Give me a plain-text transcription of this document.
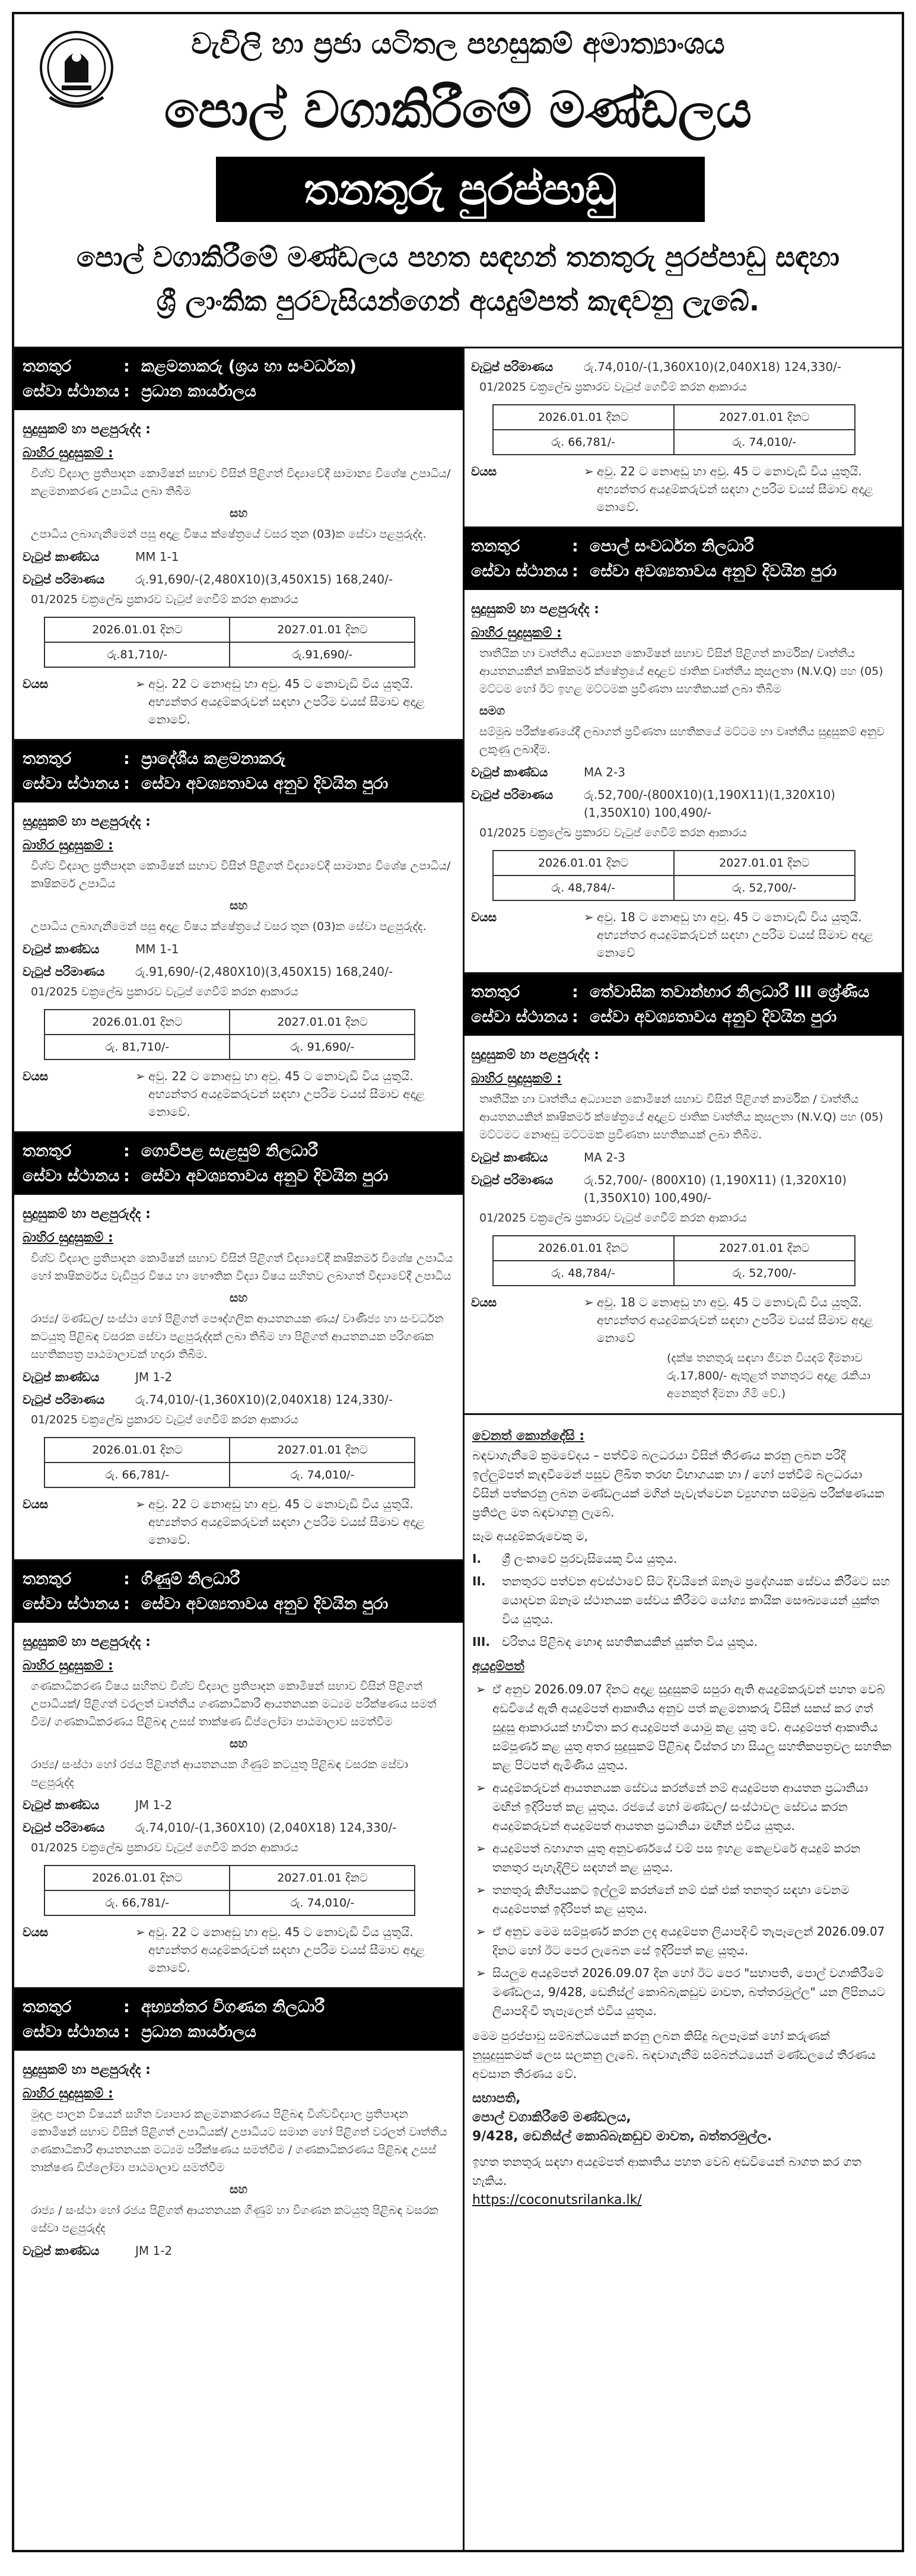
වැවිලි හා ප්‍රජා යටිතල පහසුකම් අමාත්‍යාංශය
පොල් වගාකිරීමේ මණ්ඩලය
තනතුරු පුරප්පාඩු
පොල් වගාකිරීමේ මණ්ඩලය පහත සඳහන් තනතුරු පුරප්පාඩු සඳහා
ශ්‍රී ලාංකික පුරවැසියන්ගෙන් අයදුම්පත් කැඳවනු ලැබේ.
තනතුර	: කළමනාකරු (ශ්‍රය හා සංවර්ධන)
සේවා ස්ථානය : ප්‍රධාන කාර්යාලය
සුදුසුකම් හා පළපුරුද්ද :
බාහිර සුදුසුකම් :
විශ්ව විද්‍යාල ප්‍රතිපාදන කොමිෂන් සභාව විසින් පිළිගත් විද්‍යාවේදී සාමාන්‍ය විශේෂ උපාධිය/ කළමනාකරණ උපාධිය ලබා තිබීම
සහ
උපාධිය ලබාගැනීමෙන් පසු අදාළ විෂය ක්ෂේත්‍රයේ වසර තුන (03)ක සේවා පළපුරුද්ද.
වැටුප් කාණ්ඩය	MM 1-1
වැටුප් පරිමාණය	රු.91,690/-(2,480X10)(3,450X15) 168,240/-
01/2025 චක්‍රලේඛ ප්‍රකාරව වැටුප් ගෙවීම් කරන ආකාරය
2026.01.01 දිනට	2027.01.01 දිනට
රු.81,710/-	රු.91,690/-
වයස	➢ අවු. 22 ට නොඅඩු හා අවු. 45 ට නොවැඩි විය යුතුයි. අභ්‍යන්තර අයදුම්කරුවන් සඳහා උපරිම වයස් සීමාව අදාළ නොවේ.
තනතුර	: ප්‍රාදේශීය කළමනාකරු
සේවා ස්ථානය : සේවා අවශ්‍යතාවය අනුව දිවයින පුරා
සුදුසුකම් හා පළපුරුද්ද :
බාහිර සුදුසුකම් :
විශ්ව විද්‍යාල ප්‍රතිපාදන කොමිෂන් සභාව විසින් පිළිගත් විද්‍යාවේදී සාමාන්‍ය විශේෂ උපාධිය/ කෘෂිකර්ම උපාධිය
සහ
උපාධිය ලබාගැනීමෙන් පසු අදාළ විෂය ක්ෂේත්‍රයේ වසර තුන (03)ක සේවා පළපුරුද්ද.
වැටුප් කාණ්ඩය	MM 1-1
වැටුප් පරිමාණය	රු.91,690/-(2,480X10)(3,450X15) 168,240/-
01/2025 චක්‍රලේඛ ප්‍රකාරව වැටුප් ගෙවීම් කරන ආකාරය
2026.01.01 දිනට	2027.01.01 දිනට
රු. 81,710/-	රු. 91,690/-
වයස	➢ අවු. 22 ට නොඅඩු හා අවු. 45 ට නොවැඩි විය යුතුයි. අභ්‍යන්තර අයදුම්කරුවන් සඳහා උපරිම වයස් සීමාව අදාළ නොවේ.
තනතුර	: ගොවිපළ සැළසුම් නිලධාරී
සේවා ස්ථානය : සේවා අවශ්‍යතාවය අනුව දිවයින පුරා
සුදුසුකම් හා පළපුරුද්ද :
බාහිර සුදුසුකම් :
විශ්ව විද්‍යාල ප්‍රතිපාදන කොමිෂන් සභාව විසින් පිළිගත් විද්‍යාවේදී කෘෂිකර්ම විශේෂ උපාධිය හෝ කෘෂිකර්මය වැඩිපුර විෂය හා භෞතික විද්‍යා විෂය සහිතව ලබාගත් විද්‍යාවේදී උපාධිය
සහ
රාජ්‍ය/ මණ්ඩල/ සංස්ථා හෝ පිළිගත් පෞද්ගලික ආයතනයක ණය/ වාණිජ්‍ය හා සංවර්ධන කටයුතු පිළිබඳ වසරක සේවා පළපුරුද්දක් ලබා තිබීම හා පිළිගත් ආයතනයක පරිගණක සහතිකපත්‍ර පාඨමාලාවක් හදාරා තිබීම.
වැටුප් කාණ්ඩය	JM 1-2
වැටුප් පරිමාණය	රු.74,010/-(1,360X10)(2,040X18) 124,330/-
01/2025 චක්‍රලේඛ ප්‍රකාරව වැටුප් ගෙවීම් කරන ආකාරය
2026.01.01 දිනට	2027.01.01 දිනට
රු. 66,781/-	රු. 74,010/-
වයස	➢ අවු. 22 ට නොඅඩු හා අවු. 45 ට නොවැඩි විය යුතුයි. අභ්‍යන්තර අයදුම්කරුවන් සඳහා උපරිම වයස් සීමාව අදාළ නොවේ.
තනතුර	: ගිණුම් නිලධාරී
සේවා ස්ථානය : සේවා අවශ්‍යතාවය අනුව දිවයින පුරා
සුදුසුකම් හා පළපුරුද්ද :
බාහිර සුදුසුකම් :
ගණකාධිකරණ විෂය සහිතව විශ්ව විද්‍යාල ප්‍රතිපාදන කොමිෂන් සභාව විසින් පිළිගත් උපාධියක්/ පිළිගත් වරලත් වෘත්තීය ගණකාධිකාරී ආයතනයක මධ්‍යම පරීක්ෂණය සමත් වීම/ ගණකාධිකරණය පිළිබඳ උසස් තාක්ෂණ ඩිප්ලෝමා පාඨමාලාව සමත්වීම
සහ
රාජ්‍ය/ සංස්ථා හෝ රජය පිළිගත් ආයතනයක ගිණුම් කටයුතු පිළිබඳ වසරක සේවා පළපුරුද්ද
වැටුප් කාණ්ඩය	JM 1-2
වැටුප් පරිමාණය	රු.74,010/-(1,360X10) (2,040X18) 124,330/-
01/2025 චක්‍රලේඛ ප්‍රකාරව වැටුප් ගෙවීම් කරන ආකාරය
2026.01.01 දිනට	2027.01.01 දිනට
රු. 66,781/-	රු. 74,010/-
වයස	➢ අවු. 22 ට නොඅඩු හා අවු. 45 ට නොවැඩි විය යුතුයි. අභ්‍යන්තර අයදුම්කරුවන් සඳහා උපරිම වයස් සීමාව අදාළ නොවේ.
තනතුර	: අභ්‍යන්තර විගණන නිලධාරී
සේවා ස්ථානය : ප්‍රධාන කාර්යාලය
සුදුසුකම් හා පළපුරුද්ද :
බාහිර සුදුසුකම් :
මුදල පාලන විෂයන් සහිත ව්‍යාපාර කළමනාකරණය පිළිබඳ විශ්වවිද්‍යාල ප්‍රතිපාදන කොමිෂන් සභාව විසින් පිළිගත් උපාධියක්/ උපාධියට සමාන හෝ පිළිගත් වරලත් වෘත්තීය ගණකාධිකාරී ආයතනයක මධ්‍යම පරීක්ෂණය සමත්වීම / ගණකාධිකරණය පිළිබඳ උසස් තාක්ෂණ ඩිප්ලෝමා පාඨමාලාව සමත්වීම
සහ
රාජ්‍ය / සංස්ථා හෝ රජය පිළිගත් ආයතනයක ගිණුම් හා විගණන කටයුතු පිළිබඳ වසරක සේවා පළපුරුද්ද
වැටුප් කාණ්ඩය	JM 1-2
වැටුප් පරිමාණය	රු.74,010/-(1,360X10)(2,040X18) 124,330/-
01/2025 චක්‍රලේඛ ප්‍රකාරව වැටුප් ගෙවීම් කරන ආකාරය
2026.01.01 දිනට	2027.01.01 දිනට
රු. 66,781/-	රු. 74,010/-
වයස	➢ අවු. 22 ට නොඅඩු හා අවු. 45 ට නොවැඩි විය යුතුයි. අභ්‍යන්තර අයදුම්කරුවන් සඳහා උපරිම වයස් සීමාව අදාළ නොවේ.
තනතුර	: පොල් සංවර්ධන නිලධාරී
සේවා ස්ථානය : සේවා අවශ්‍යතාවය අනුව දිවයින පුරා
සුදුසුකම් හා පළපුරුද්ද :
බාහිර සුදුසුකම් :
තෘතීයික හා වෘත්තීය අධ්‍යාපන කොමිෂන් සභාව විසින් පිළිගත් කාර්මික/ වෘත්තීය ආයතනයකින් කෘෂිකර්ම ක්ෂේත්‍රයේ අදාළව ජාතික වෘත්තීය කුසලතා (N.V.Q) පහ (05) මට්ටම හෝ ඊට ඉහළ මට්ටමක ප්‍රවීණතා සහතිකයක් ලබා තිබීම
සමග
සම්මුඛ පරීක්ෂණයේදී ලබාගත් ප්‍රවීණතා සහතිකයේ මට්ටම හා වෘත්තීය සුදුසුකම් අනුව ලකුණු ලබාදීම.
වැටුප් කාණ්ඩය	MA 2-3
වැටුප් පරිමාණය	රු.52,700/-(800X10)(1,190X11)(1,320X10)(1,350X10) 100,490/-
01/2025 චක්‍රලේඛ ප්‍රකාරව වැටුප් ගෙවීම් කරන ආකාරය
2026.01.01 දිනට	2027.01.01 දිනට
රු. 48,784/-	රු. 52,700/-
වයස	➢ අවු. 18 ට නොඅඩු හා අවු. 45 ට නොවැඩි විය යුතුයි. අභ්‍යන්තර අයදුම්කරුවන් සඳහා උපරිම වයස් සීමාව අදාළ නොවේ
තනතුර	: තේවාසික තවාන්භාර නිලධාරී III ශ්‍රේණිය
සේවා ස්ථානය : සේවා අවශ්‍යතාවය අනුව දිවයින පුරා
සුදුසුකම් හා පළපුරුද්ද :
බාහිර සුදුසුකම් :
තෘතීයික හා වෘත්තීය අධ්‍යාපන කොමිෂන් සභාව විසින් පිළිගත් කාර්මික / වෘත්තීය ආයතනයකින් කෘෂිකර්ම ක්ෂේත්‍රයේ අදාළව ජාතික වෘත්තීය කුසලතා (N.V.Q) පහ (05) මට්ටමට නොඅඩු මට්ටමක ප්‍රවීණතා සහතිකයක් ලබා තිබීම.
වැටුප් කාණ්ඩය	MA 2-3
වැටුප් පරිමාණය	රු.52,700/- (800X10) (1,190X11) (1,320X10) (1,350X10) 100,490/-
01/2025 චක්‍රලේඛ ප්‍රකාරව වැටුප් ගෙවීම් කරන ආකාරය
2026.01.01 දිනට	2027.01.01 දිනට
රු. 48,784/-	රු. 52,700/-
වයස	➢ අවු. 18 ට නොඅඩු හා අවු. 45 ට නොවැඩි විය යුතුයි. අභ්‍යන්තර අයදුම්කරුවන් සඳහා උපරිම වයස් සීමාව අදාළ නොවේ
(දක්ෂ තනතුරු සඳහා ජීවන වියදම් දීමනාව රු.17,800/- ඇතුළත් තනතුරට අදාළ රැකියා අනෙකුත් දීමනා ගිමි වේ.)
වෙනත් කොන්දේසි :
බඳවාගැනීමේ ක්‍රමවේදය – පත්වීම් බලධරයා විසින් තීරණය කරනු ලබන පරිදි ඉල්ලුම්පත් කැඳවීමෙන් පසුව ලිඛිත තරඟ විභාගයක හා / හෝ පත්වීම් බලධරයා විසින් පත්කරනු ලබන මණ්ඩලයක් මගින් පැවැත්වෙන ව්‍යුහගත සම්මුඛ පරීක්ෂණයක ප්‍රතිඵල මත බඳවාගනු ලැබේ.
සෑම අයදුම්කරුවෙකු ම,
I.	ශ්‍රී ලංකාවේ පුරවැසියෙකු විය යුතුය.
II.	තනතුරට පත්වන අවස්ථාවේ සිට දිවයිනේ ඕනෑම ප්‍රදේශයක සේවය කිරීමට සහ යොදවන ඕනෑම ස්ථානයක සේවය කිරීමට යෝග්‍ය කායික සෞඛ්‍යයෙන් යුක්ත විය යුතුය.
III.	චරිතය පිළිබඳ හොඳ සහතිකයකින් යුක්ත විය යුතුය.
අයදුම්පත්
➢ ඒ අනුව 2026.09.07 දිනට අදාළ සුදුසුකම් සපුරා ඇති අයදුම්කරුවන් පහත වෙබ් අඩවියේ ඇති අයදුම්පත් ආකෘතිය අනුව පත් කළමනාකරු විසින් සකස් කර ගත් සුදුසු ආකාරයක් භාවිතා කර අයදුම්පත් යොමු කළ යුතු වේ. අයදුම්පත් ආකෘතිය සම්පූර්ණ කළ යුතු අතර සුදුසුකම් පිළිබඳ විස්තර හා සියලු සහතිකපත්‍රවල සහතික කළ පිටපත් ඇමිණිය යුතුය.
➢ අයදුම්කරුවන් ආයතනයක සේවය කරන්නේ නම් අයදුම්පත ආයතන ප්‍රධානියා මඟින් ඉදිරිපත් කළ යුතුය. රජයේ හෝ මණ්ඩල/ සංස්ථාවල සේවය කරන අයදුම්කරුවන් අයදුම්පත් ආයතන ප්‍රධානියා මඟින් එවිය යුතුය.
➢ අයදුම්පත් බහාගත යුතු අනුවර්ණයේ වම් පස ඉහළ කෙළවරේ අයදුම් කරන තනතුර පැහැදිලිව සඳහන් කළ යුතුය.
➢ තනතුරු කිහිපයකට ඉල්ලුම් කරන්නේ නම් එක් එක් තනතුර සඳහා වෙනම අයදුම්පතක් ඉදිරිපත් කළ යුතුය.
➢ ඒ අනුව මෙම සම්පූර්ණ කරන ලද අයදුම්පත ලියාපදිංචි තැපෑලෙන් 2026.09.07 දිනට හෝ ඊට පෙර ලැබෙන සේ ඉදිරිපත් කළ යුතුය.
➢ සියලුම අයදුම්පත් 2026.09.07 දින හෝ ඊට පෙර "සභාපති, පොල් වගාකිරීමේ මණ්ඩලය, 9/428, ඩෙනිස්ල් කොබ්බැකඩුව මාවත, බත්තරමුල්ල" යන ලිපිනයට ලියාපදිංචි තැපෑලෙන් එවිය යුතුය.
මෙම පුරප්පාඩු සම්බන්ධයෙන් කරනු ලබන කිසිදු බලපෑමක් හෝ කරුණක් නුසුදුසුකමක් ලෙස සලකනු ලැබේ. බඳවාගැනීම් සම්බන්ධයෙන් මණ්ඩලයේ තීරණය අවසාන තීරණය වේ.
සභාපති,
පොල් වගාකිරීමේ මණ්ඩලය,
9/428, ඩෙනිස්ල් කොබ්බැකඩුව මාවත, බත්තරමුල්ල.
ඉහත තනතුරු සඳහා අයදුම්පත් ආකෘතිය පහත වෙබ් අඩවියෙන් බාගත කර ගත හැකිය.
https://coconutsrilanka.lk/
